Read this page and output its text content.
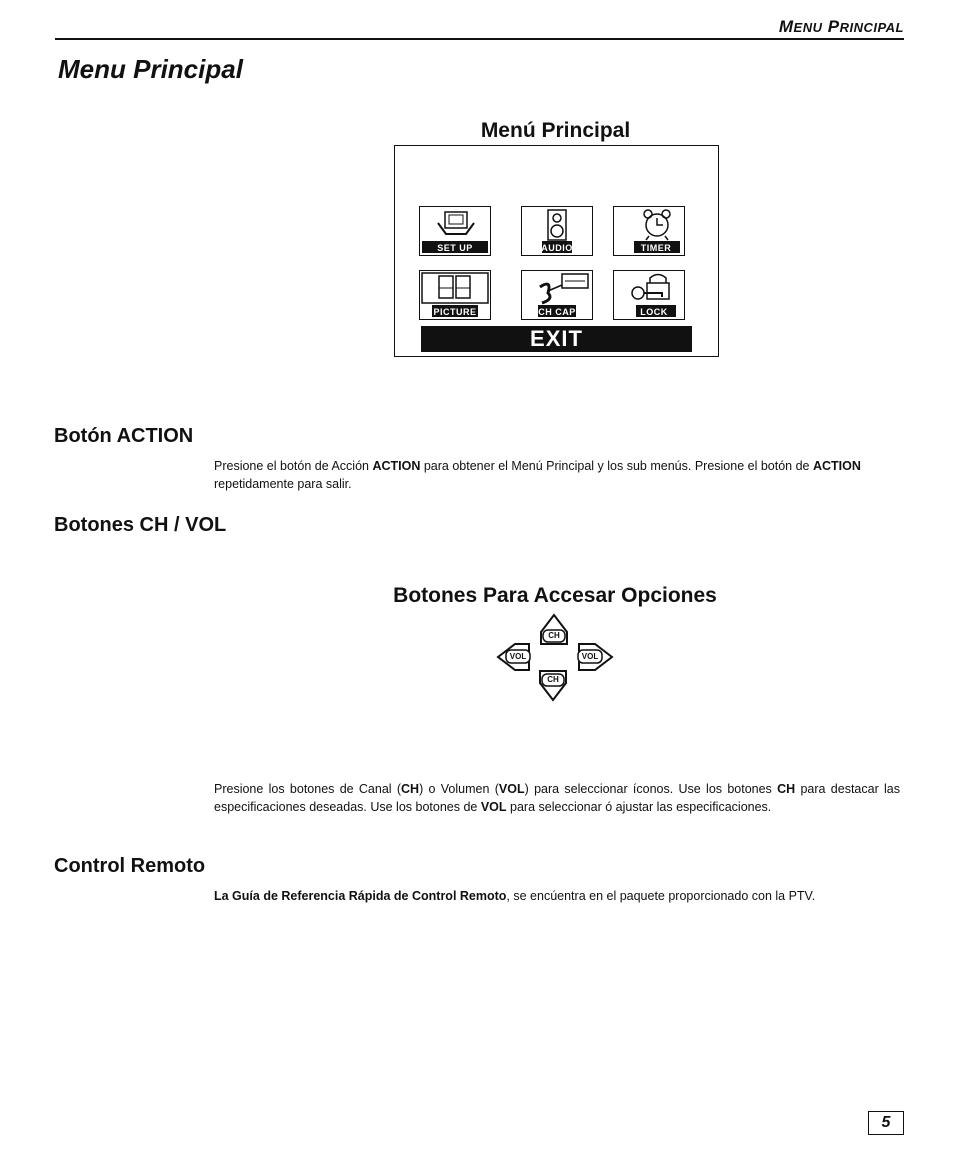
MENU PRINCIPAL
Menu Principal
Menú Principal
SET UP	AUDIO	TIMER
PICTURE	CH CAP	LOCK
EXIT
Botón ACTION
Presione el botón de Acción ACTION para obtener el Menú Principal y los sub menús. Presione el botón de ACTION repetidamente para salir.
Botones CH / VOL
Botones Para Accesar Opciones
CH
CH
VOL	VOL
Presione los botones de Canal (CH) o Volumen (VOL) para seleccionar íconos. Use los botones CH para destacar las especificaciones deseadas. Use los botones de VOL para seleccionar ó ajustar las especificaciones.
Control Remoto
La Guía de Referencia Rápida de Control Remoto, se encúentra en el paquete proporcionado con la PTV.
5
